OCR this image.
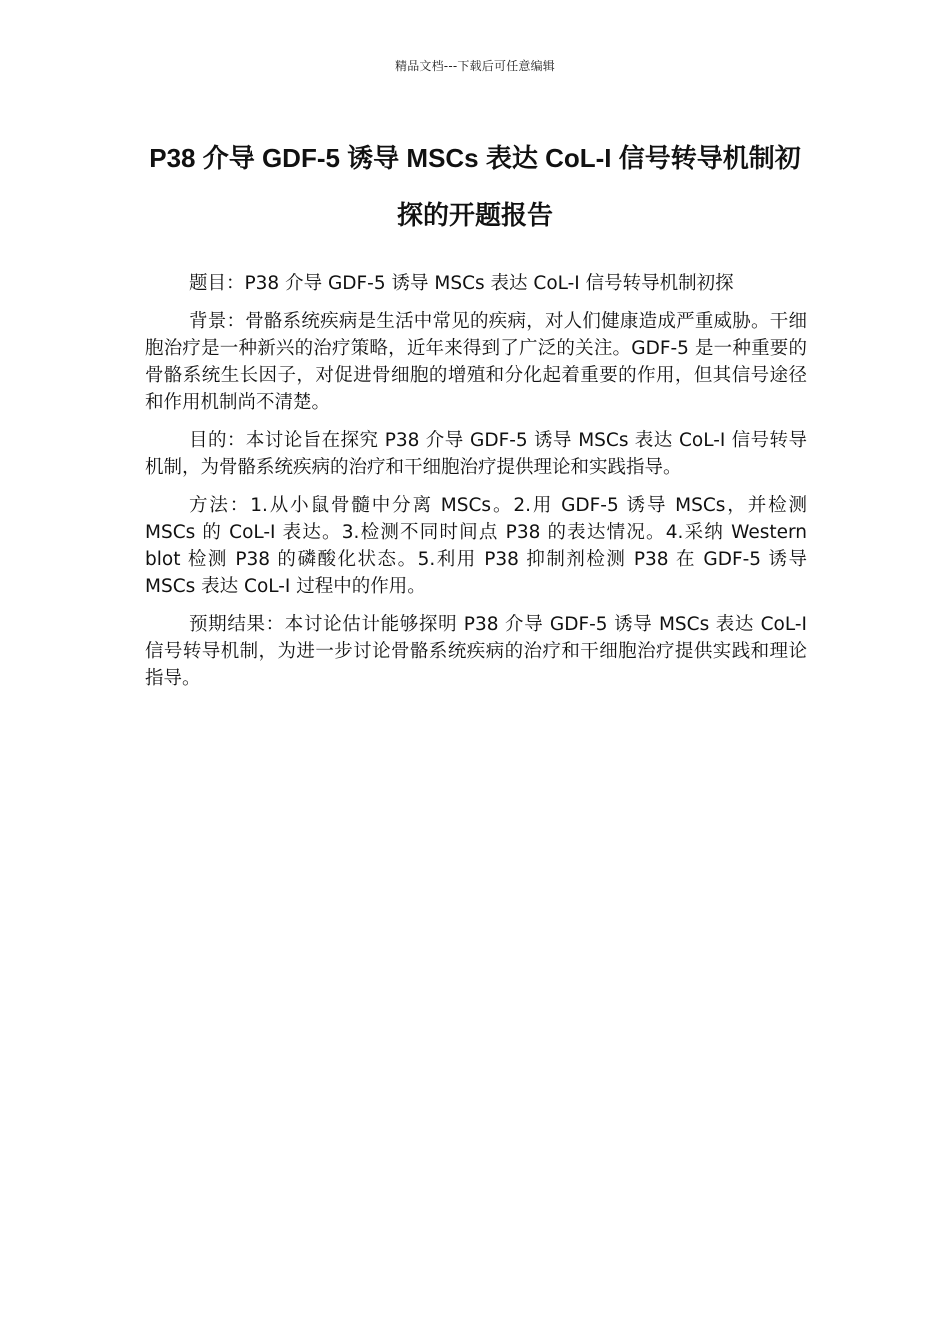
精品文档---下载后可任意编辑
P38 介导 GDF-5 诱导 MSCs 表达 CoL-I 信号转导机制初探的开题报告

题目：P38 介导 GDF-5 诱导 MSCs 表达 CoL-I 信号转导机制初探

背景：骨骼系统疾病是生活中常见的疾病，对人们健康造成严重威胁。干细胞治疗是一种新兴的治疗策略，近年来得到了广泛的关注。GDF-5 是一种重要的骨骼系统生长因子，对促进骨细胞的增殖和分化起着重要的作用，但其信号途径和作用机制尚不清楚。

目的：本讨论旨在探究 P38 介导 GDF-5 诱导 MSCs 表达 CoL-I 信号转导机制，为骨骼系统疾病的治疗和干细胞治疗提供理论和实践指导。

方法：1.从小鼠骨髓中分离 MSCs。2.用 GDF-5 诱导 MSCs，并检测 MSCs 的 CoL-I 表达。3.检测不同时间点 P38 的表达情况。4.采纳 Western blot 检测 P38 的磷酸化状态。5.利用 P38 抑制剂检测 P38 在 GDF-5 诱导 MSCs 表达 CoL-I 过程中的作用。

预期结果：本讨论估计能够探明 P38 介导 GDF-5 诱导 MSCs 表达 CoL-I 信号转导机制，为进一步讨论骨骼系统疾病的治疗和干细胞治疗提供实践和理论指导。
